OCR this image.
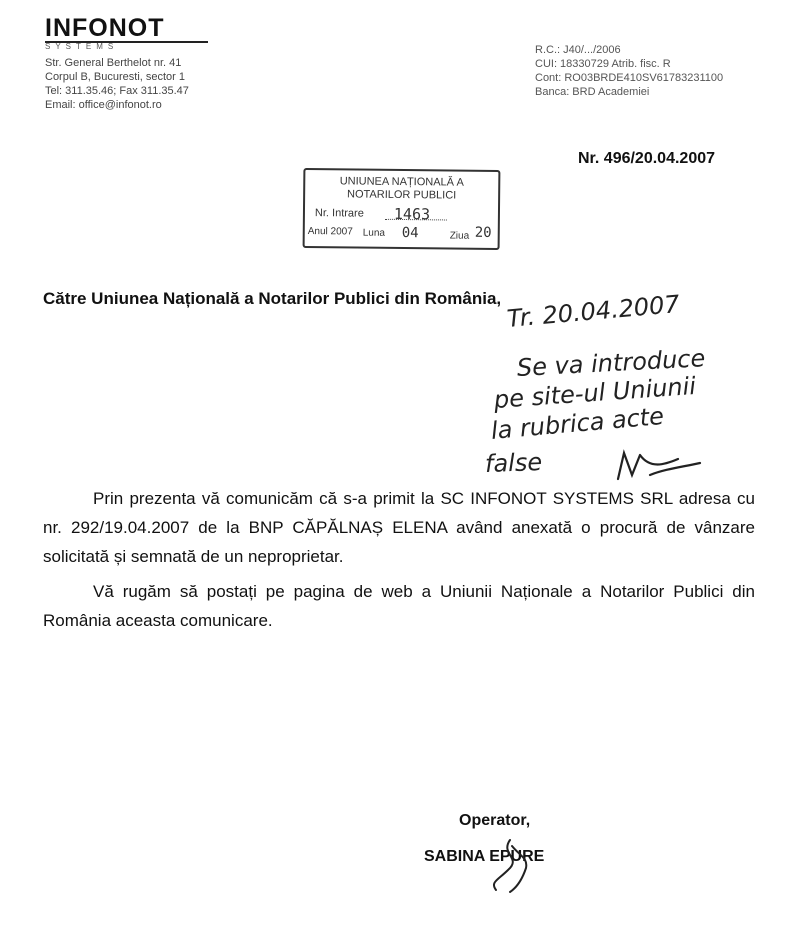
INFONOT
SYSTEMS
Str. General Berthelot nr. 41
Corpul B, Bucuresti, sector 1
Tel: 311.35.46; Fax 311.35.47
Email: office@infonot.ro
R.C.: J40/.../2006
CUI: 18330729 Atrib. fisc. R
Cont: RO03BRDE410SV61783231100
Banca: BRD Academiei
Nr. 496/20.04.2007
UNIUNEA NAȚIONALĂ A
NOTARILOR PUBLICI
Nr. Intrare 1463
Anul 2007 Luna 04	Ziua 20
Către Uniunea Națională a Notarilor Publici din România, Tr. 20.04.2007
Se va introduce
pe site-ul Uniunii
la rubrica acte
false

Prin prezenta vă comunicăm că s-a primit la SC INFONOT SYSTEMS SRL adresa cu nr. 292/19.04.2007 de la BNP CĂPĂLNAȘ ELENA având anexată o procură de vânzare solicitată și semnată de un neproprietar.

Vă rugăm să postați pe pagina de web a Uniunii Naționale a Notarilor Publici din România aceasta comunicare.

Operator,
SABINA EPURE
